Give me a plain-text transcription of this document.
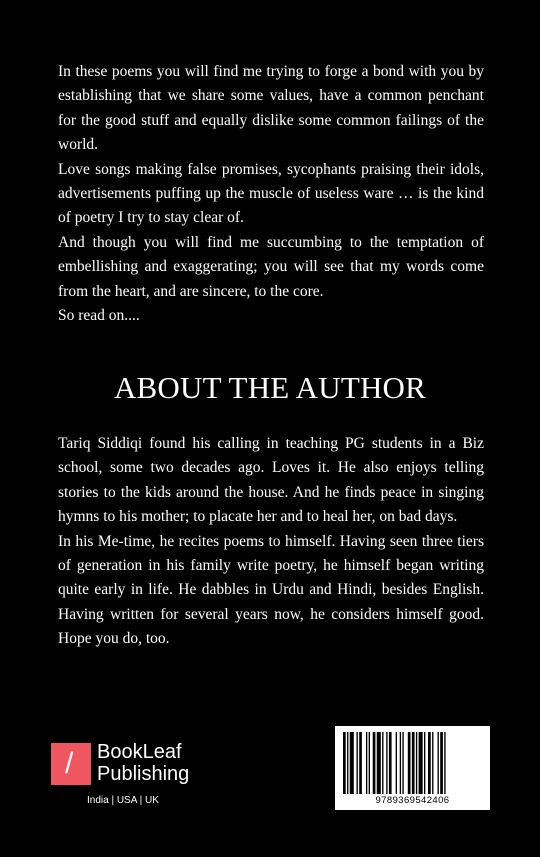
In these poems you will find me trying to forge a bond with you by establishing that we share some values, have a common penchant for the good stuff and equally dislike some common failings of the world.

Love songs making false promises, sycophants praising their idols, advertisements puffing up the muscle of useless ware … is the kind of poetry I try to stay clear of.

And though you will find me succumbing to the temptation of embellishing and exaggerating; you will see that my words come from the heart, and are sincere, to the core.

So read on....

ABOUT THE AUTHOR

Tariq Siddiqi found his calling in teaching PG students in a Biz school, some two decades ago. Loves it. He also enjoys telling stories to the kids around the house. And he finds peace in singing hymns to his mother; to placate her and to heal her, on bad days.

In his Me-time, he recites poems to himself. Having seen three tiers of generation in his family write poetry, he himself began writing quite early in life. He dabbles in Urdu and Hindi, besides English. Having written for several years now, he considers himself good. Hope you do, too.

/ BookLeaf
Publishing
India | USA | UK	9789369542406
